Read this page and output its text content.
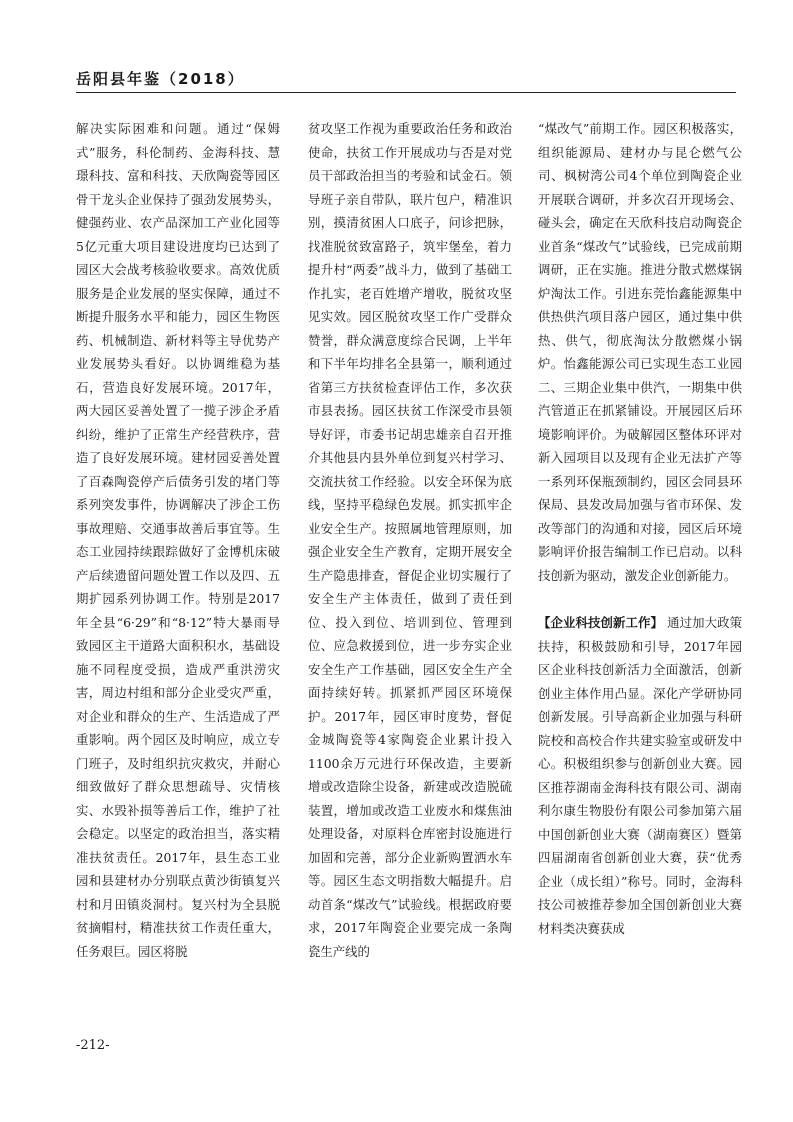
岳阳县年鉴（2018）

解决实际困难和问题。通过“保姆式”服务，科伦制药、金海科技、慧璟科技、富和科技、天欣陶瓷等园区骨干龙头企业保持了强劲发展势头，健强药业、农产品深加工产业化园等5亿元重大项目建设进度均已达到了园区大会战考核验收要求。高效优质服务是企业发展的坚实保障，通过不断提升服务水平和能力，园区生物医药、机械制造、新材料等主导优势产业发展势头看好。以协调维稳为基石，营造良好发展环境。2017年，两大园区妥善处置了一揽子涉企矛盾纠纷，维护了正常生产经营秩序，营造了良好发展环境。建材园妥善处置了百森陶瓷停产后债务引发的堵门等系列突发事件，协调解决了涉企工伤事故理赔、交通事故善后事宜等。生态工业园持续跟踪做好了金博机床破产后续遗留问题处置工作以及四、五期扩园系列协调工作。特别是2017年全县“6·29”和“8·12”特大暴雨导致园区主干道路大面积积水，基础设施不同程度受损，造成严重洪涝灾害，周边村组和部分企业受灾严重，对企业和群众的生产、生活造成了严重影响。两个园区及时响应，成立专门班子，及时组织抗灾救灾，并耐心细致做好了群众思想疏导、灾情核实、水毁补损等善后工作，维护了社会稳定。以坚定的政治担当，落实精准扶贫责任。2017年，县生态工业园和县建材办分别联点黄沙街镇复兴村和月田镇炎洞村。复兴村为全县脱贫摘帽村，精准扶贫工作责任重大，任务艰巨。园区将脱

贫攻坚工作视为重要政治任务和政治使命，扶贫工作开展成功与否是对党员干部政治担当的考验和试金石。领导班子亲自带队，联片包户，精准识别，摸清贫困人口底子，问诊把脉，找准脱贫致富路子，筑牢堡垒，着力提升村“两委”战斗力，做到了基础工作扎实，老百姓增产增收，脱贫攻坚见实效。园区脱贫攻坚工作广受群众赞誉，群众满意度综合民调，上半年和下半年均排名全县第一，顺利通过省第三方扶贫检查评估工作，多次获市县表扬。园区扶贫工作深受市县领导好评，市委书记胡忠雄亲自召开推介其他县内县外单位到复兴村学习、交流扶贫工作经验。以安全环保为底线，坚持平稳绿色发展。抓实抓牢企业安全生产。按照属地管理原则，加强企业安全生产教育，定期开展安全生产隐患排查，督促企业切实履行了安全生产主体责任，做到了责任到位、投入到位、培训到位、管理到位、应急救援到位，进一步夯实企业安全生产工作基础，园区安全生产全面持续好转。抓紧抓严园区环境保护。2017年，园区审时度势，督促金城陶瓷等4家陶瓷企业累计投入1100余万元进行环保改造，主要新增或改造除尘设备，新建或改造脱硫装置，增加或改造工业废水和煤焦油处理设备，对原料仓库密封设施进行加固和完善，部分企业新购置洒水车等。园区生态文明指数大幅提升。启动首条“煤改气”试验线。根据政府要求，2017年陶瓷企业要完成一条陶瓷生产线的

“煤改气”前期工作。园区积极落实，组织能源局、建材办与昆仑燃气公司、枫树湾公司4个单位到陶瓷企业开展联合调研，并多次召开现场会、碰头会，确定在天欣科技启动陶瓷企业首条“煤改气”试验线，已完成前期调研，正在实施。推进分散式燃煤锅炉淘汰工作。引进东莞怡鑫能源集中供热供汽项目落户园区，通过集中供热、供气，彻底淘汰分散燃煤小锅炉。怡鑫能源公司已实现生态工业园二、三期企业集中供汽，一期集中供汽管道正在抓紧铺设。开展园区后环境影响评价。为破解园区整体环评对新入园项目以及现有企业无法扩产等一系列环保瓶颈制约，园区会同县环保局、县发改局加强与省市环保、发改等部门的沟通和对接，园区后环境影响评价报告编制工作已启动。以科技创新为驱动，激发企业创新能力。

【企业科技创新工作】 通过加大政策扶持，积极鼓励和引导，2017年园区企业科技创新活力全面激活，创新创业主体作用凸显。深化产学研协同创新发展。引导高新企业加强与科研院校和高校合作共建实验室或研发中心。积极组织参与创新创业大赛。园区推荐湖南金海科技有限公司、湖南利尔康生物股份有限公司参加第六届中国创新创业大赛（湖南赛区）暨第四届湖南省创新创业大赛，获“优秀企业（成长组）”称号。同时，金海科技公司被推荐参加全国创新创业大赛材料类决赛获成

-212-
